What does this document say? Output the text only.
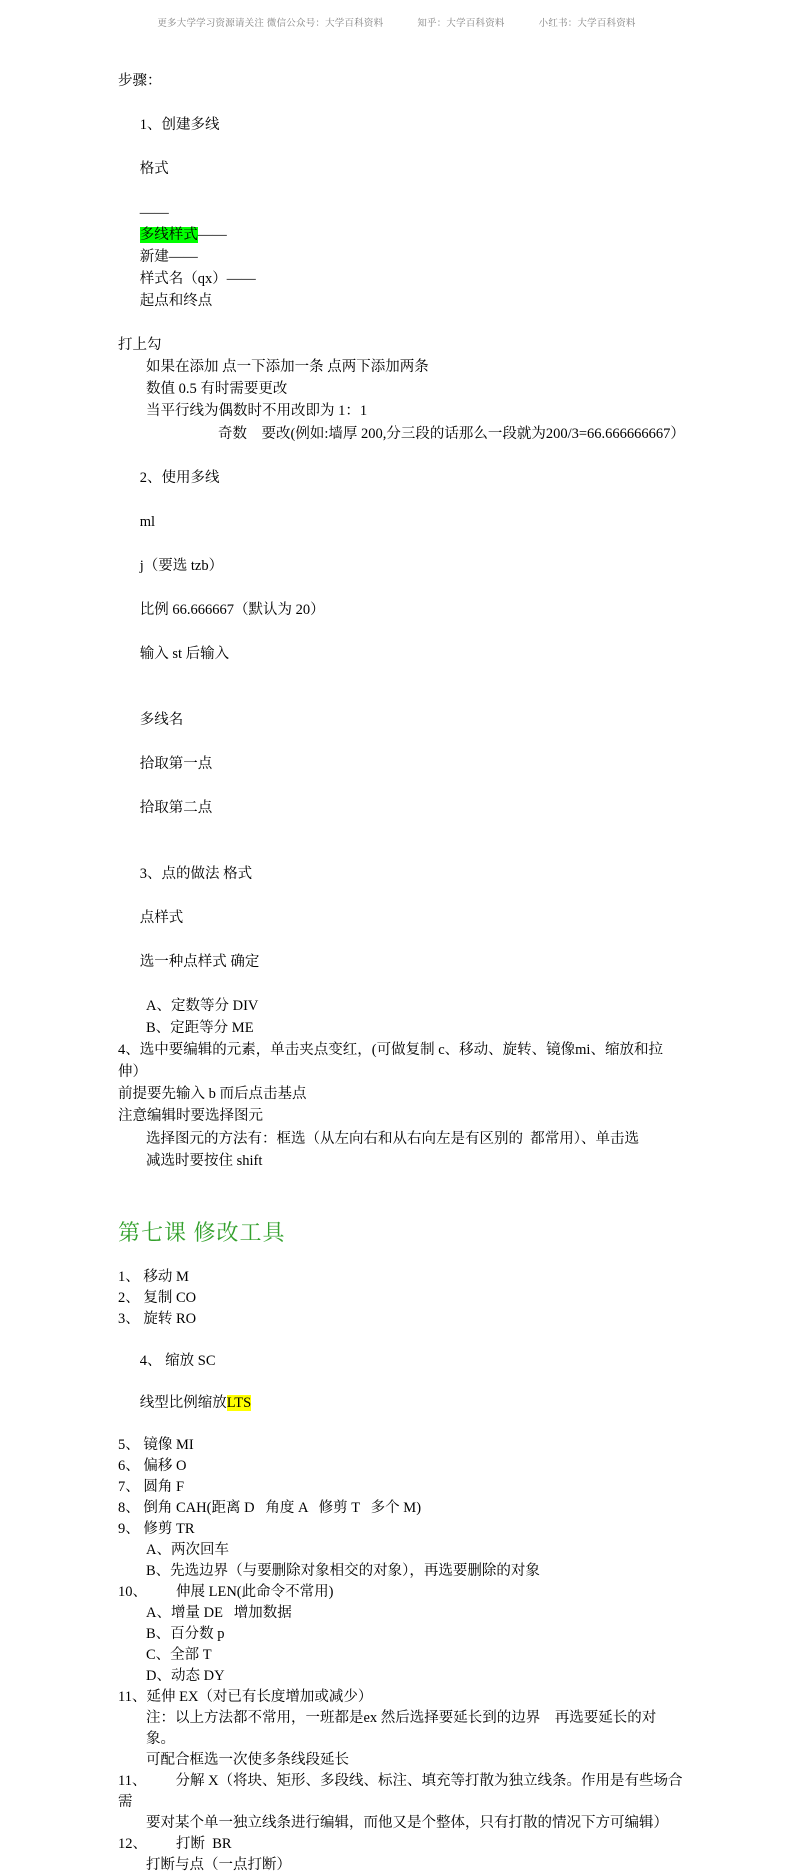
更多大学学习资源请关注 微信公众号：大学百科资料	知乎：大学百科资料	小红书：大学百科资料

步骤：

1、创建多线

格式

——
多线样式——
新建——
样式名（qx）——
起点和终点

打上勾

如果在添加 点一下添加一条 点两下添加两条

数值 0.5 有时需要更改

当平行线为偶数时不用改即为 1：1

奇数　要改(例如:墙厚 200,分三段的话那么一段就为200/3=66.666666667）

2、使用多线

ml

j（要选 tzb）

比例 66.666667（默认为 20）

输入 st 后输入

多线名

拾取第一点

拾取第二点

3、点的做法 格式

点样式

选一种点样式 确定

A、定数等分 DIV

B、定距等分 ME

4、选中要编辑的元素，单击夹点变红，(可做复制 c、移动、旋转、镜像mi、缩放和拉伸）

前提要先输入 b 而后点击基点

注意编辑时要选择图元

选择图元的方法有：框选（从左向右和从右向左是有区别的  都常用）、单击选

减选时要按住 shift

第七课 修改工具

1、 移动 M

2、 复制 CO

3、 旋转 RO

4、 缩放 SC

线型比例缩放LTS

5、 镜像 MI

6、 偏移 O

7、 圆角 F

8、 倒角 CAH(距离 D   角度 A   修剪 T   多个 M)

9、 修剪 TR

A、两次回车

B、先选边界（与要删除对象相交的对象），再选要删除的对象

10、        伸展 LEN(此命令不常用)

A、增量 DE   增加数据

B、百分数 p

C、全部 T

D、动态 DY

11、延伸 EX（对已有长度增加或减少）

注：以上方法都不常用，一班都是ex 然后选择要延长到的边界    再选要延长的对象。

可配合框选一次使多条线段延长

11、        分解 X（将块、矩形、多段线、标注、填充等打散为独立线条。作用是有些场合需

要对某个单一独立线条进行编辑，而他又是个整体，只有打散的情况下方可编辑）

12、        打断  BR

打断与点（一点打断）
